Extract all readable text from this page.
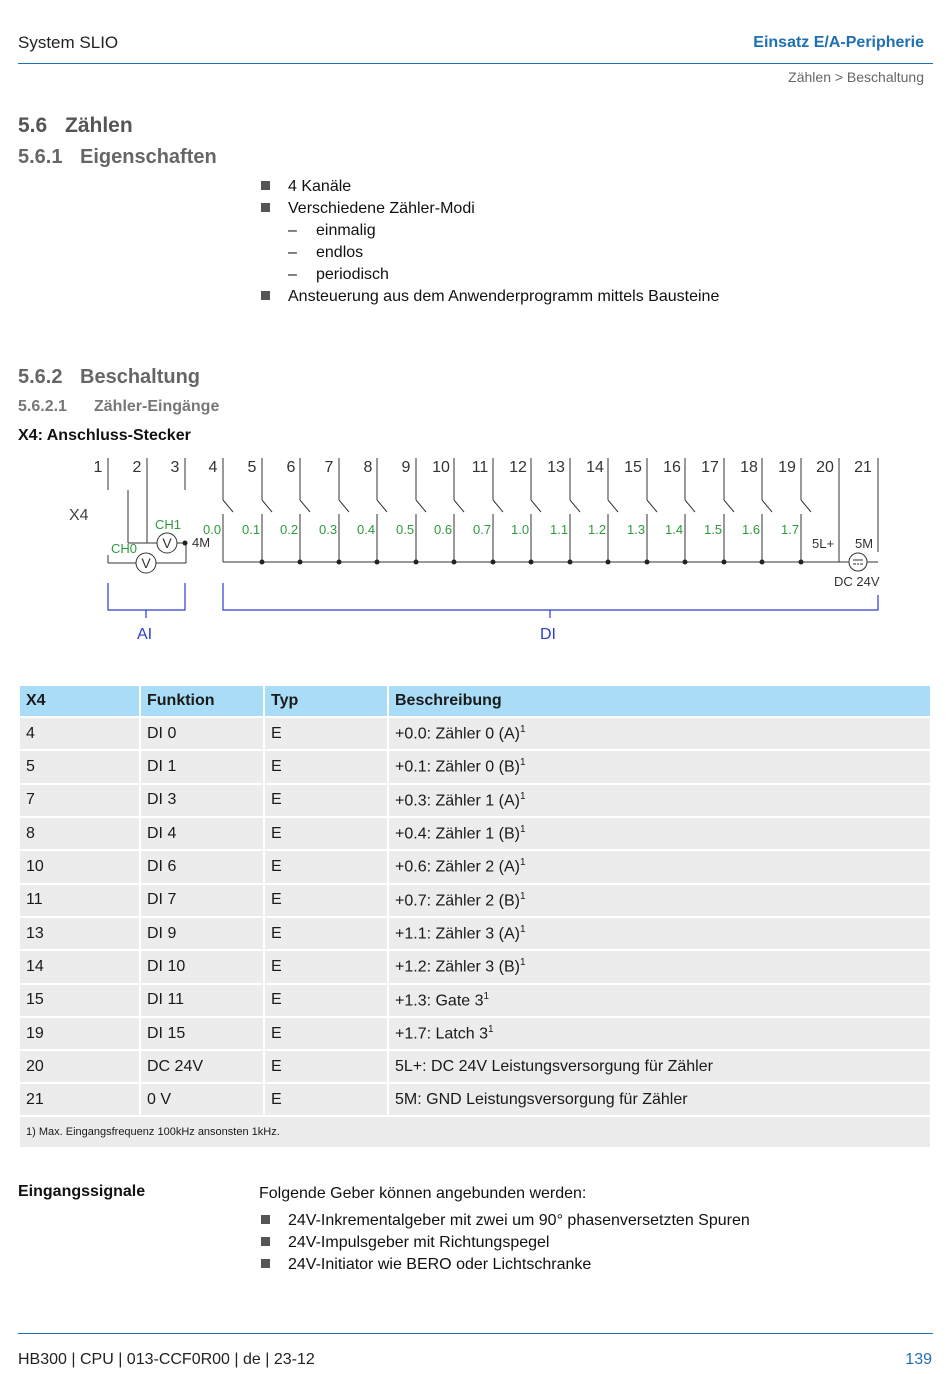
System SLIO	Einsatz E/A-Peripherie
Zählen > Beschaltung
5.6 Zählen
5.6.1 Eigenschaften
4 Kanäle
Verschiedene Zähler-Modi
– einmalig
– endlos
– periodisch
Ansteuerung aus dem Anwenderprogramm mittels Bausteine
5.6.2 Beschaltung
5.6.2.1 Zähler-Eingänge
X4: Anschluss-Stecker
1 2 3 4 5 6 7 8 9 10 11 12 13 14 15 16 17 18 19 20 21
0.0 0.1 0.2 0.3 0.4 0.5 0.6 0.7 1.0 1.1 1.2 1.3 1.4 1.5 1.6 1.7
X4
V
V
CH0
CH1
4M	5L+ 5M
DC 24V
AI	DI
X4	Funktion	Typ	Beschreibung
4	DI 0	E	+0.0: Zähler 0 $(A)^1$
5	DI 1	E	+0.1: Zähler 0 $(B)^1$
7	DI 3	E	+0.3: Zähler 1 $(A)^1$
8	DI 4	E	+0.4: Zähler 1 $(B)^1$
10	DI 6	E	+0.6: Zähler 2 $(A)^1$
11	DI 7	E	+0.7: Zähler 2 $(B)^1$
13	DI 9	E	+1.1: Zähler 3 $(A)^1$
14	DI 10	E	+1.2: Zähler 3 $(B)^1$
15	DI 11	E	+1.3: Gate $3^1$
19	DI 15	E	+1.7: Latch $3^1$
20	DC 24V	E	5L+: DC 24V Leistungsversorgung für Zähler
21	0 V	E	5M: GND Leistungsversorgung für Zähler
1) Max. Eingangsfrequenz 100kHz ansonsten 1kHz.			
Eingangssignale	Folgende Geber können angebunden werden:
24V-Inkrementalgeber mit zwei um 90° phasenversetzten Spuren
24V-Impulsgeber mit Richtungspegel
24V-Initiator wie BERO oder Lichtschranke
HB300 | CPU | 013-CCF0R00 | de | 23-12	139
